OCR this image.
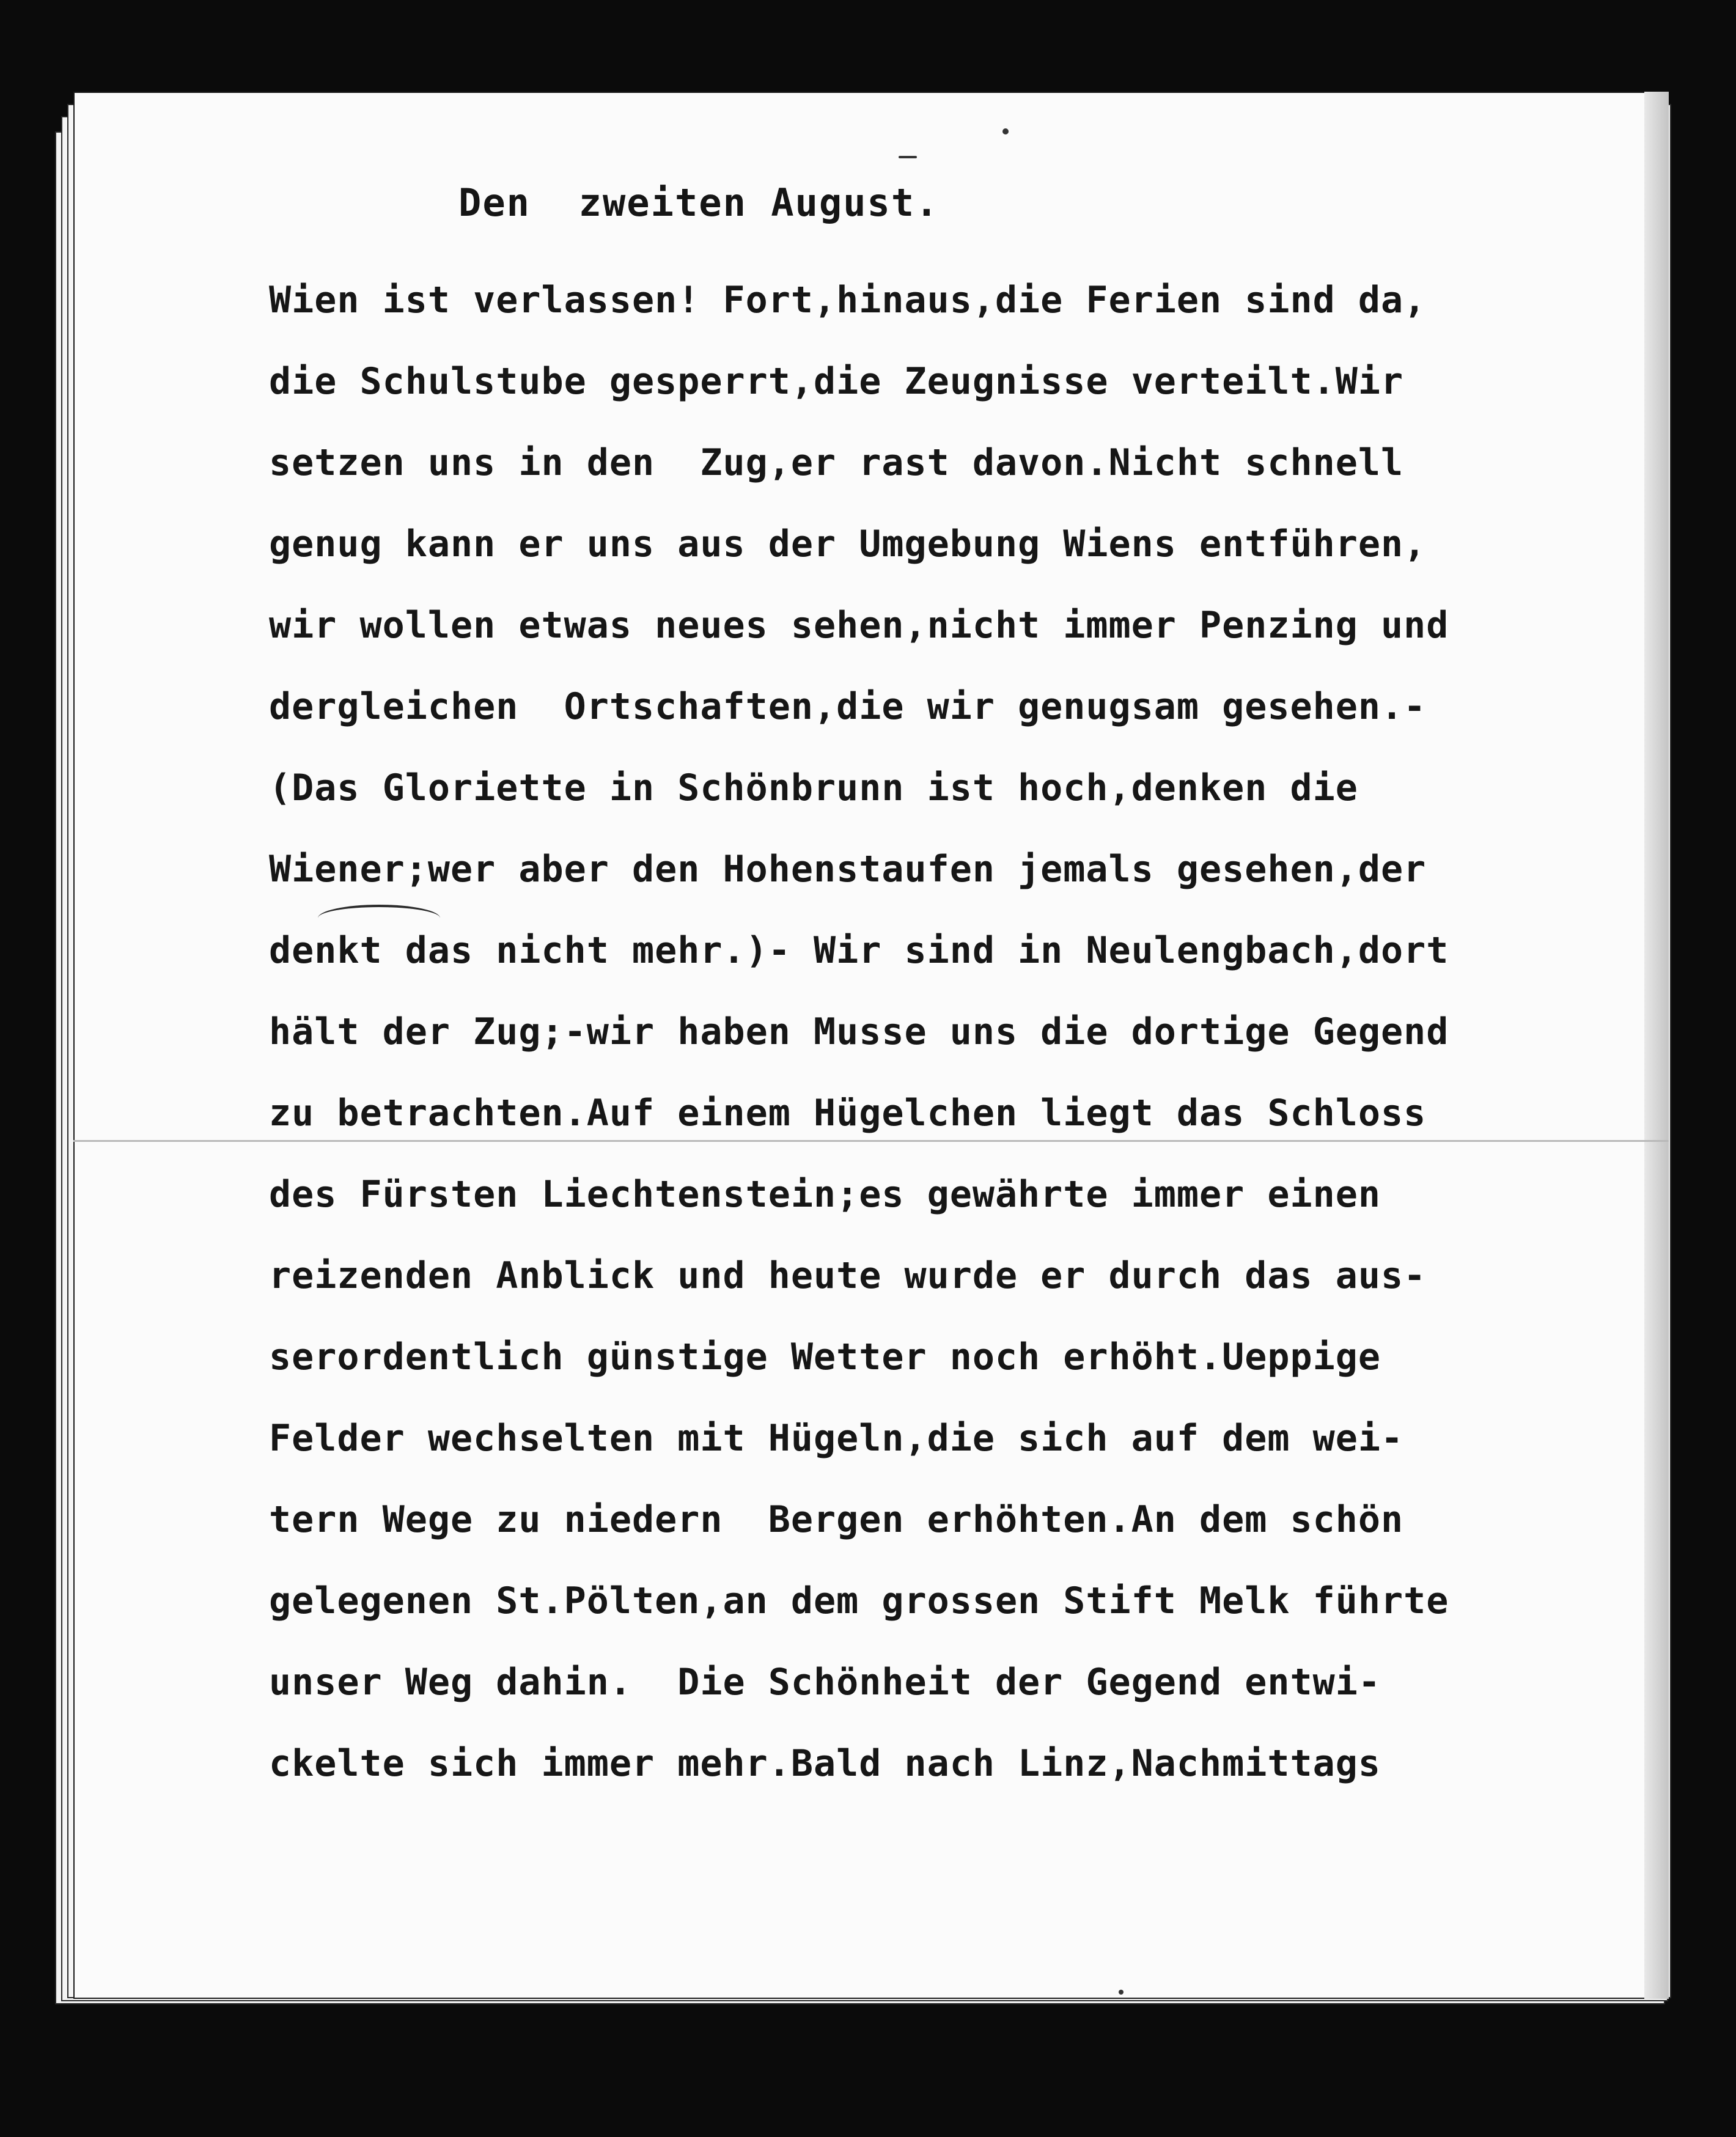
Den  zweiten August.
Wien ist verlassen! Fort,hinaus,die Ferien sind da,
die Schulstube gesperrt,die Zeugnisse verteilt.Wir
setzen uns in den  Zug,er rast davon.Nicht schnell
genug kann er uns aus der Umgebung Wiens entführen,
wir wollen etwas neues sehen,nicht immer Penzing und
dergleichen  Ortschaften,die wir genugsam gesehen.-
(Das Gloriette in Schönbrunn ist hoch,denken die
Wiener;wer aber den Hohenstaufen jemals gesehen,der
denkt das nicht mehr.)- Wir sind in Neulengbach,dort
hält der Zug;-wir haben Musse uns die dortige Gegend
zu betrachten.Auf einem Hügelchen liegt das Schloss
des Fürsten Liechtenstein;es gewährte immer einen
reizenden Anblick und heute wurde er durch das aus-
serordentlich günstige Wetter noch erhöht.Ueppige
Felder wechselten mit Hügeln,die sich auf dem wei-
tern Wege zu niedern  Bergen erhöhten.An dem schön
gelegenen St.Pölten,an dem grossen Stift Melk führte
unser Weg dahin.  Die Schönheit der Gegend entwi-
ckelte sich immer mehr.Bald nach Linz,Nachmittags
